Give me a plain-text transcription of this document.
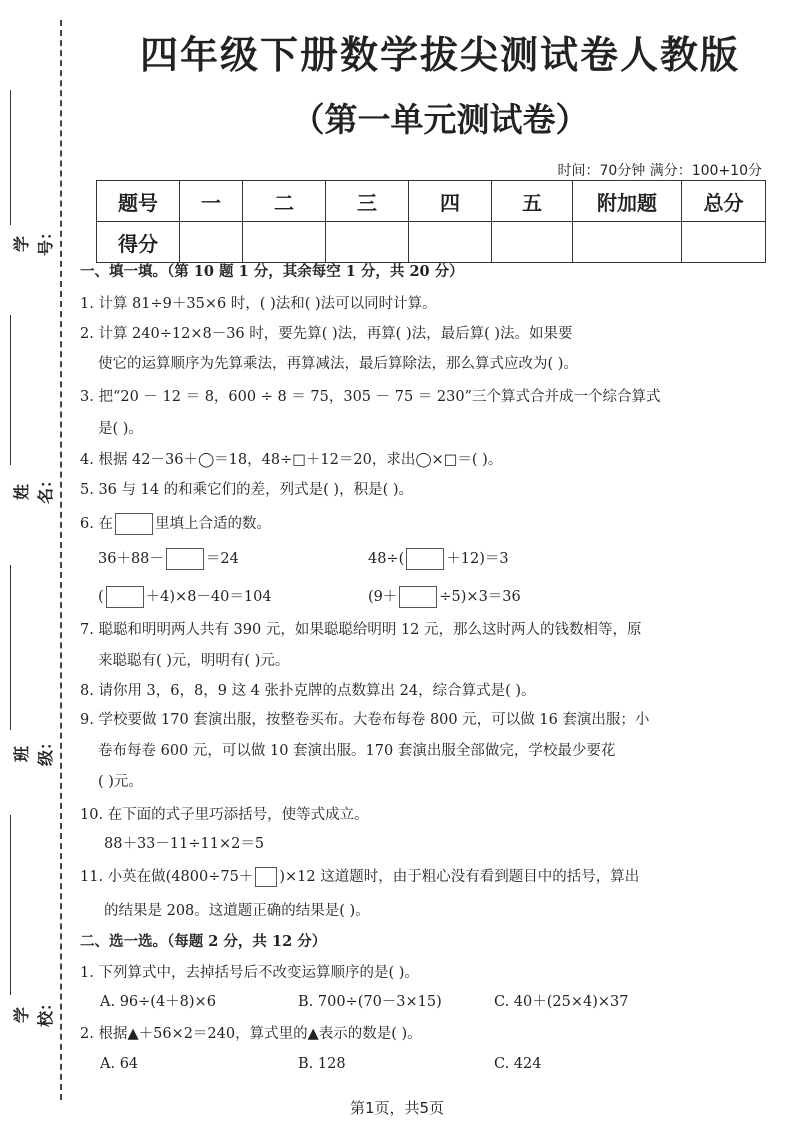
学号：
姓名：
班级：
学校：
四年级下册数学拔尖测试卷人教版
（第一单元测试卷）
时间：70分钟 满分：100+10分
题号	一	二	三	四	五	附加题	总分
得分							
一、填一填。（第 10 题 1 分，其余每空 1 分，共 20 分）
1. 计算 81÷9＋35×6 时，( )法和( )法可以同时计算。
2. 计算 240÷12×8－36 时，要先算( )法，再算( )法，最后算( )法。如果要
使它的运算顺序为先算乘法，再算减法，最后算除法，那么算式应改为( )。
3. 把“20 － 12 ＝ 8，600 ÷ 8 ＝ 75，305 － 75 ＝ 230”三个算式合并成一个综合算式
是( )。
4. 根据 42－36＋◯＝18，48÷□＋12＝20，求出◯×□＝( )。
5. 36 与 14 的和乘它们的差，列式是( )，积是( )。
6. 在	里填上合适的数。
36＋88－	＝24	48÷(	＋12)＝3
(	＋4)×8－40＝104	(9＋	÷5)×3＝36
7. 聪聪和明明两人共有 390 元，如果聪聪给明明 12 元，那么这时两人的钱数相等，原
来聪聪有( )元，明明有( )元。
8. 请你用 3，6，8，9 这 4 张扑克牌的点数算出 24，综合算式是( )。
9. 学校要做 170 套演出服，按整卷买布。大卷布每卷 800 元，可以做 16 套演出服；小
卷布每卷 600 元，可以做 10 套演出服。170 套演出服全部做完，学校最少要花
( )元。
10. 在下面的式子里巧添括号，使等式成立。
88＋33－11÷11×2＝5
11. 小英在做(4800÷75＋ )×12 这道题时，由于粗心没有看到题目中的括号，算出
的结果是 208。这道题正确的结果是( )。
二、选一选。（每题 2 分，共 12 分）
1. 下列算式中，去掉括号后不改变运算顺序的是( )。
A. 96÷(4＋8)×6	B. 700÷(70－3×15)	C. 40＋(25×4)×37
2. 根据▲＋56×2＝240，算式里的▲表示的数是( )。
A. 64	B. 128	C. 424
第1页，共5页
